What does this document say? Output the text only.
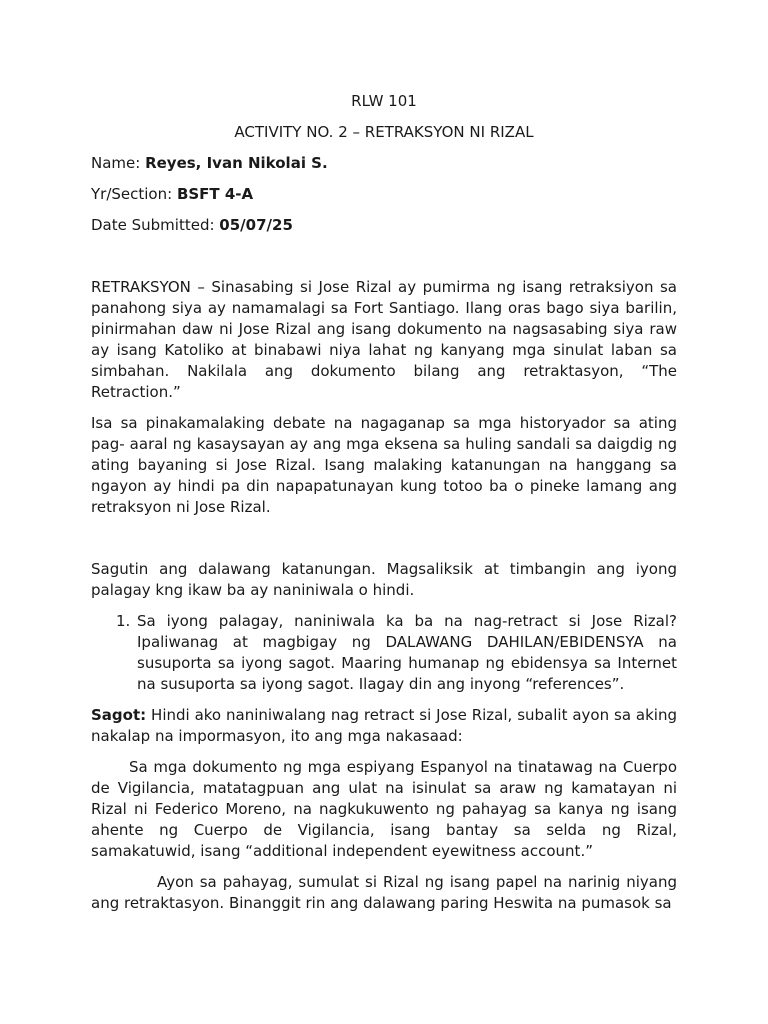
RLW 101

ACTIVITY NO. 2 – RETRAKSYON NI RIZAL

Name: Reyes, Ivan Nikolai S.

Yr/Section: BSFT 4-A

Date Submitted: 05/07/25

RETRAKSYON – Sinasabing si Jose Rizal ay pumirma ng isang retraksiyon sa panahong siya ay namamalagi sa Fort Santiago. Ilang oras bago siya barilin, pinirmahan daw ni Jose Rizal ang isang dokumento na nagsasabing siya raw ay isang Katoliko at binabawi niya lahat ng kanyang mga sinulat laban sa simbahan. Nakilala ang dokumento bilang ang retraktasyon, “The Retraction.”

Isa sa pinakamalaking debate na nagaganap sa mga historyador sa ating pag- aaral ng kasaysayan ay ang mga eksena sa huling sandali sa daigdig ng ating bayaning si Jose Rizal. Isang malaking katanungan na hanggang sa ngayon ay hindi pa din napapatunayan kung totoo ba o pineke lamang ang retraksyon ni Jose Rizal.

Sagutin ang dalawang katanungan. Magsaliksik at timbangin ang iyong palagay kng ikaw ba ay naniniwala o hindi.

1. Sa iyong palagay, naniniwala ka ba na nag-retract si Jose Rizal? Ipaliwanag at magbigay ng DALAWANG DAHILAN/EBIDENSYA na susuporta sa iyong sagot. Maaring humanap ng ebidensya sa Internet na susuporta sa iyong sagot. Ilagay din ang inyong “references”.

Sagot: Hindi ako naniniwalang nag retract si Jose Rizal, subalit ayon sa aking nakalap na impormasyon, ito ang mga nakasaad:

Sa mga dokumento ng mga espiyang Espanyol na tinatawag na Cuerpo de Vigilancia, matatagpuan ang ulat na isinulat sa araw ng kamatayan ni Rizal ni Federico Moreno, na nagkukuwento ng pahayag sa kanya ng isang ahente ng Cuerpo de Vigilancia, isang bantay sa selda ng Rizal, samakatuwid, isang “additional independent eyewitness account.”

Ayon sa pahayag, sumulat si Rizal ng isang papel na narinig niyang ang retraktasyon. Binanggit rin ang dalawang paring Heswita na pumasok sa
